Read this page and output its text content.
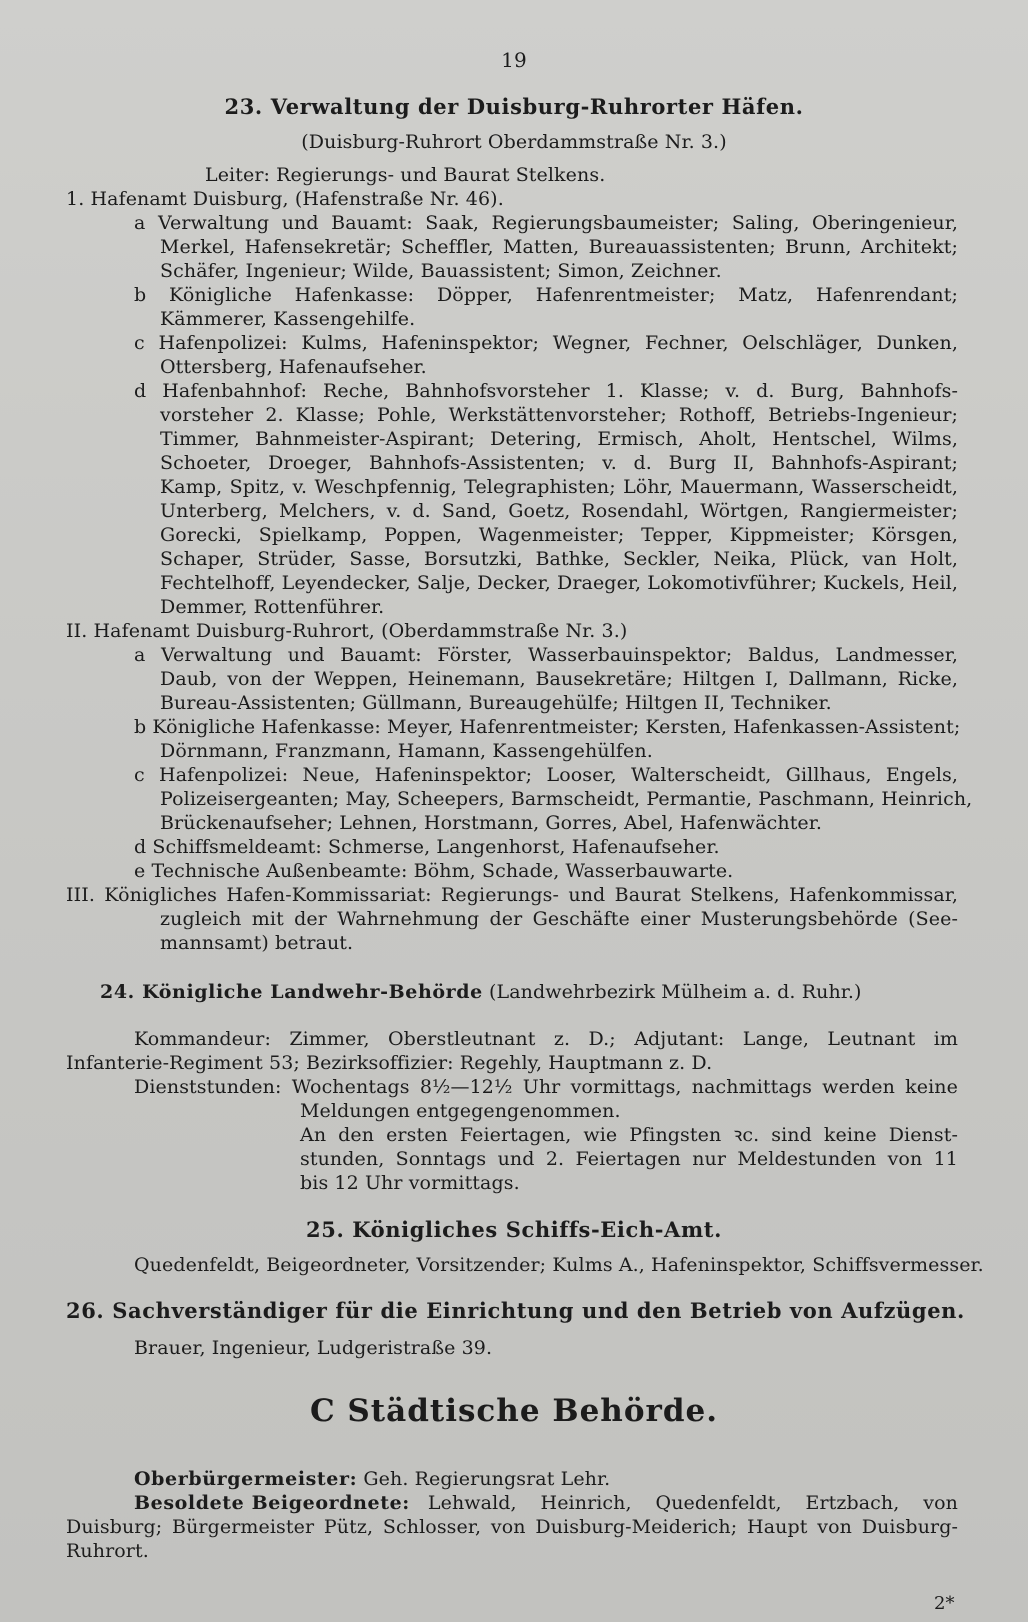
19
23. Verwaltung der Duisburg-Ruhrorter Häfen.
(Duisburg-Ruhrort Oberdammstraße Nr. 3.)
Leiter: Regierungs- und Baurat Stelkens.
1. Hafenamt Duisburg, (Hafenstraße Nr. 46).
a Verwaltung und Bauamt: Saak, Regierungsbaumeister; Saling, Oberingenieur,
Merkel, Hafensekretär; Scheffler, Matten, Bureauassistenten; Brunn, Architekt;
Schäfer, Ingenieur; Wilde, Bauassistent; Simon, Zeichner.
b Königliche Hafenkasse: Döpper, Hafenrentmeister; Matz, Hafenrendant;
Kämmerer, Kassengehilfe.
c Hafenpolizei: Kulms, Hafeninspektor; Wegner, Fechner, Oelschläger, Dunken,
Ottersberg, Hafenaufseher.
d Hafenbahnhof: Reche, Bahnhofsvorsteher 1. Klasse; v. d. Burg, Bahnhofs-
vorsteher 2. Klasse; Pohle, Werkstättenvorsteher; Rothoff, Betriebs-Ingenieur;
Timmer, Bahnmeister-Aspirant; Detering, Ermisch, Aholt, Hentschel, Wilms,
Schoeter, Droeger, Bahnhofs-Assistenten; v. d. Burg II, Bahnhofs-Aspirant;
Kamp, Spitz, v. Weschpfennig, Telegraphisten; Löhr, Mauermann, Wasserscheidt,
Unterberg, Melchers, v. d. Sand, Goetz, Rosendahl, Wörtgen, Rangiermeister;
Gorecki, Spielkamp, Poppen, Wagenmeister; Tepper, Kippmeister; Körsgen,
Schaper, Strüder, Sasse, Borsutzki, Bathke, Seckler, Neika, Plück, van Holt,
Fechtelhoff, Leyendecker, Salje, Decker, Draeger, Lokomotivführer; Kuckels, Heil,
Demmer, Rottenführer.
II. Hafenamt Duisburg-Ruhrort, (Oberdammstraße Nr. 3.)
a Verwaltung und Bauamt: Förster, Wasserbauinspektor; Baldus, Landmesser,
Daub, von der Weppen, Heinemann, Bausekretäre; Hiltgen I, Dallmann, Ricke,
Bureau-Assistenten; Güllmann, Bureaugehülfe; Hiltgen II, Techniker.
b Königliche Hafenkasse: Meyer, Hafenrentmeister; Kersten, Hafenkassen-Assistent;
Dörnmann, Franzmann, Hamann, Kassengehülfen.
c Hafenpolizei: Neue, Hafeninspektor; Looser, Walterscheidt, Gillhaus, Engels,
Polizeisergeanten; May, Scheepers, Barmscheidt, Permantie, Paschmann, Heinrich,
Brückenaufseher; Lehnen, Horstmann, Gorres, Abel, Hafenwächter.
d Schiffsmeldeamt: Schmerse, Langenhorst, Hafenaufseher.
e Technische Außenbeamte: Böhm, Schade, Wasserbauwarte.
III. Königliches Hafen-Kommissariat: Regierungs- und Baurat Stelkens, Hafenkommissar,
zugleich mit der Wahrnehmung der Geschäfte einer Musterungsbehörde (See-
mannsamt) betraut.
24. Königliche Landwehr-Behörde (Landwehrbezirk Mülheim a. d. Ruhr.)
Kommandeur: Zimmer, Oberstleutnant z. D.; Adjutant: Lange, Leutnant im
Infanterie-Regiment 53; Bezirksoffizier: Regehly, Hauptmann z. D.
Dienststunden: Wochentags 8½—12½ Uhr vormittags, nachmittags werden keine
Meldungen entgegengenommen.
An den ersten Feiertagen, wie Pfingsten ꝛc. sind keine Dienst-
stunden, Sonntags und 2. Feiertagen nur Meldestunden von 11
bis 12 Uhr vormittags.
25. Königliches Schiffs-Eich-Amt.
Quedenfeldt, Beigeordneter, Vorsitzender; Kulms A., Hafeninspektor, Schiffsvermesser.
26. Sachverständiger für die Einrichtung und den Betrieb von Aufzügen.
Brauer, Ingenieur, Ludgeristraße 39.
C Städtische Behörde.
Oberbürgermeister: Geh. Regierungsrat Lehr.
Besoldete Beigeordnete: Lehwald, Heinrich, Quedenfeldt, Ertzbach, von
Duisburg; Bürgermeister Pütz, Schlosser, von Duisburg-Meiderich; Haupt von Duisburg-
Ruhrort.
2*
